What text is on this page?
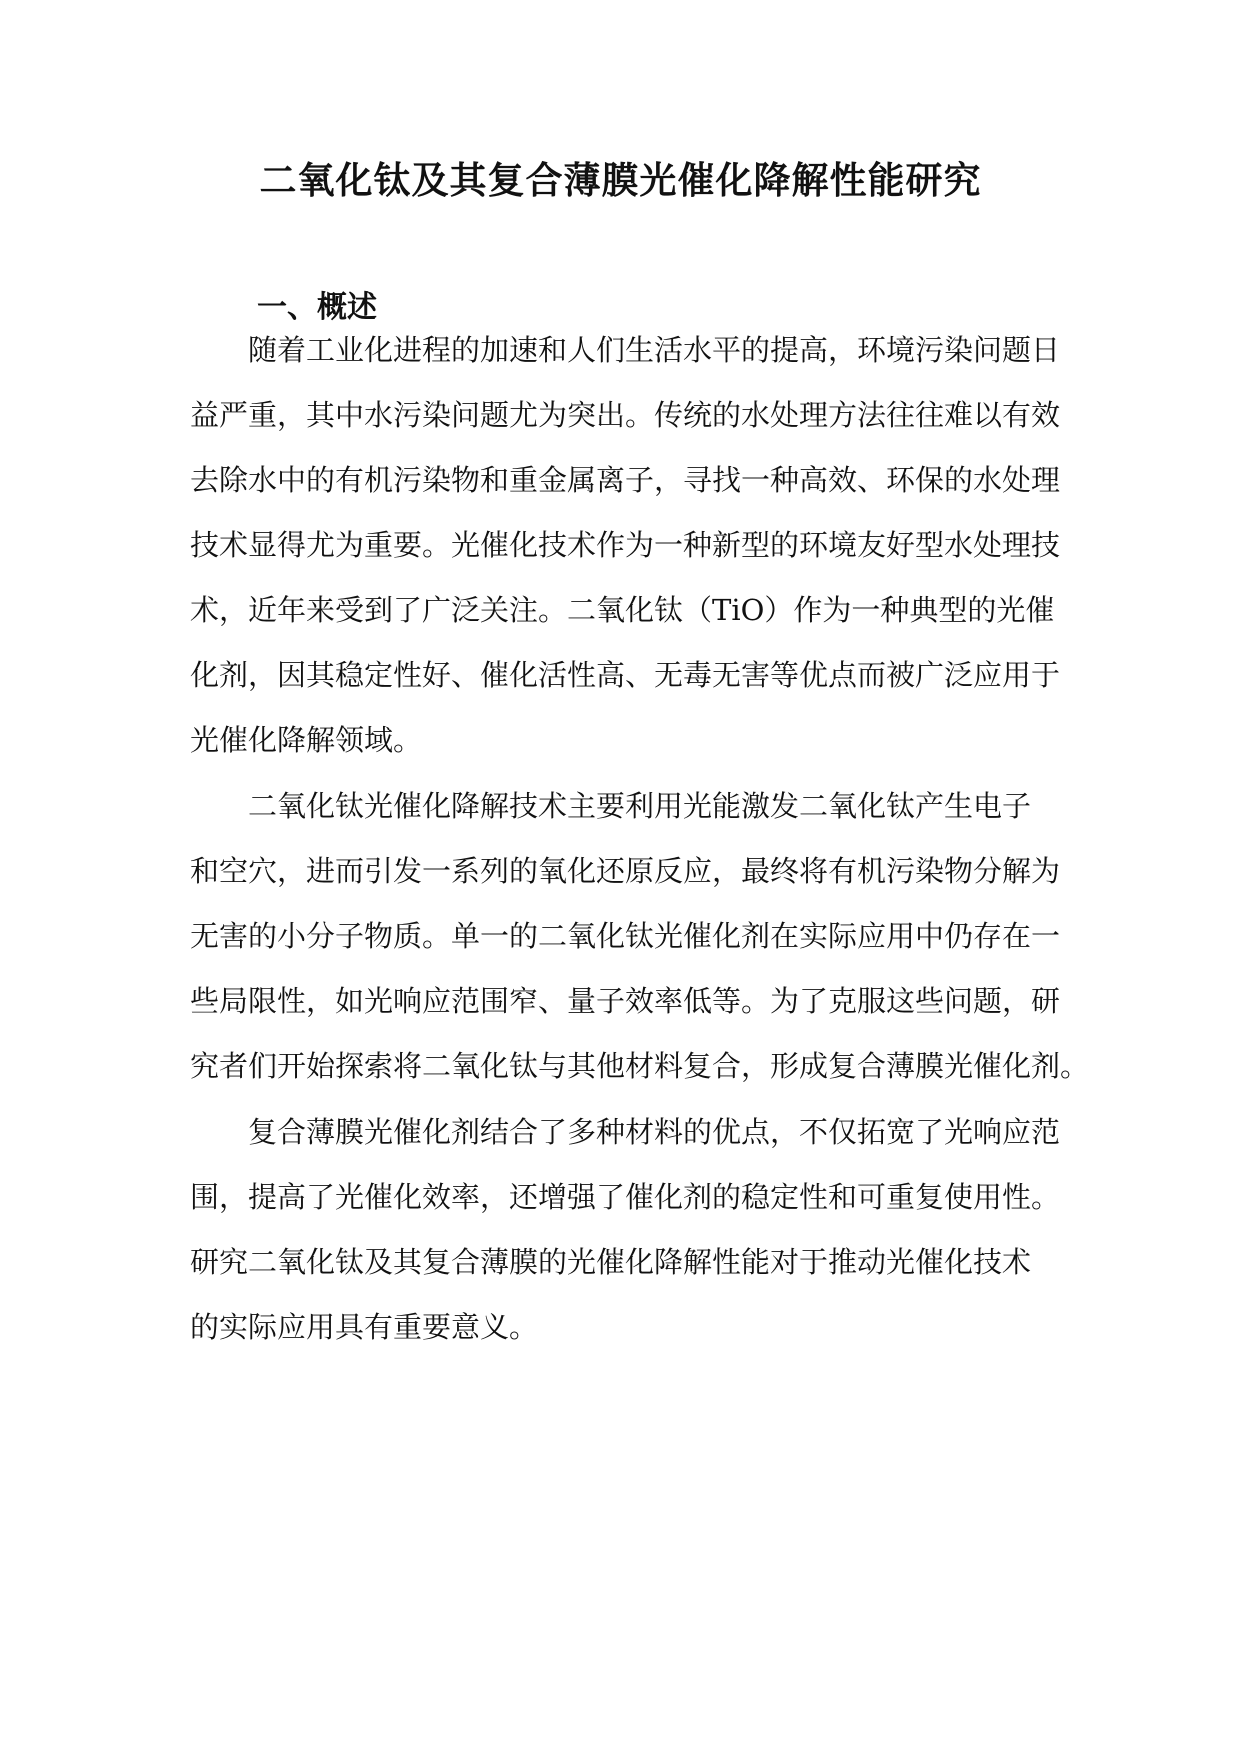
二氧化钛及其复合薄膜光催化降解性能研究
一、概述
随着工业化进程的加速和人们生活水平的提高，环境污染问题日
益严重，其中水污染问题尤为突出。传统的水处理方法往往难以有效
去除水中的有机污染物和重金属离子，寻找一种高效、环保的水处理
技术显得尤为重要。光催化技术作为一种新型的环境友好型水处理技
术，近年来受到了广泛关注。二氧化钛（TiO）作为一种典型的光催
化剂，因其稳定性好、催化活性高、无毒无害等优点而被广泛应用于
光催化降解领域。
二氧化钛光催化降解技术主要利用光能激发二氧化钛产生电子
和空穴，进而引发一系列的氧化还原反应，最终将有机污染物分解为
无害的小分子物质。单一的二氧化钛光催化剂在实际应用中仍存在一
些局限性，如光响应范围窄、量子效率低等。为了克服这些问题，研
究者们开始探索将二氧化钛与其他材料复合，形成复合薄膜光催化剂。
复合薄膜光催化剂结合了多种材料的优点，不仅拓宽了光响应范
围，提高了光催化效率，还增强了催化剂的稳定性和可重复使用性。
研究二氧化钛及其复合薄膜的光催化降解性能对于推动光催化技术
的实际应用具有重要意义。
